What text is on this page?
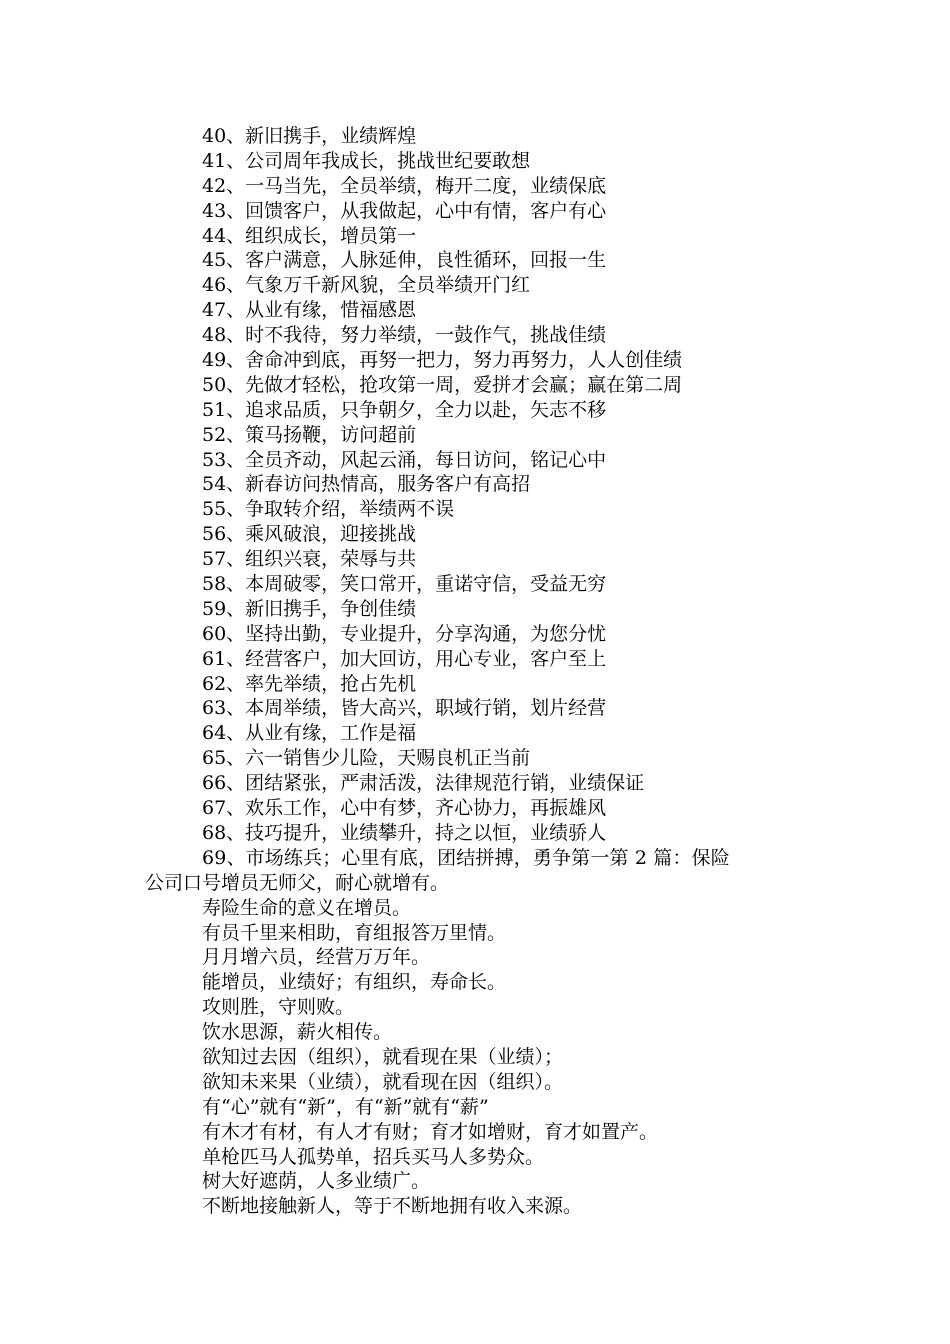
40、新旧携手，业绩辉煌
41、公司周年我成长，挑战世纪要敢想
42、一马当先，全员举绩，梅开二度，业绩保底
43、回馈客户，从我做起，心中有情，客户有心
44、组织成长，增员第一
45、客户满意，人脉延伸，良性循环，回报一生
46、气象万千新风貌，全员举绩开门红
47、从业有缘，惜福感恩
48、时不我待，努力举绩，一鼓作气，挑战佳绩
49、舍命冲到底，再努一把力，努力再努力，人人创佳绩
50、先做才轻松，抢攻第一周，爱拼才会赢；赢在第二周
51、追求品质，只争朝夕，全力以赴，矢志不移
52、策马扬鞭，访问超前
53、全员齐动，风起云涌，每日访问，铭记心中
54、新春访问热情高，服务客户有高招
55、争取转介绍，举绩两不误
56、乘风破浪，迎接挑战
57、组织兴衰，荣辱与共
58、本周破零，笑口常开，重诺守信，受益无穷
59、新旧携手，争创佳绩
60、坚持出勤，专业提升，分享沟通，为您分忧
61、经营客户，加大回访，用心专业，客户至上
62、率先举绩，抢占先机
63、本周举绩，皆大高兴，职域行销，划片经营
64、从业有缘，工作是福
65、六一销售少儿险，天赐良机正当前
66、团结紧张，严肃活泼，法律规范行销，业绩保证
67、欢乐工作，心中有梦，齐心协力，再振雄风
68、技巧提升，业绩攀升，持之以恒，业绩骄人
69、市场练兵；心里有底，团结拼搏，勇争第一第 2 篇：保险
公司口号增员无师父，耐心就增有。
寿险生命的意义在增员。
有员千里来相助，育组报答万里情。
月月增六员，经营万万年。
能增员，业绩好；有组织，寿命长。
攻则胜，守则败。
饮水思源，薪火相传。
欲知过去因（组织），就看现在果（业绩）；
欲知未来果（业绩），就看现在因（组织）。
有“心”就有“新”，有“新”就有“薪”
有木才有材，有人才有财；育才如增财，育才如置产。
单枪匹马人孤势单，招兵买马人多势众。
树大好遮荫，人多业绩广。
不断地接触新人，等于不断地拥有收入来源。
